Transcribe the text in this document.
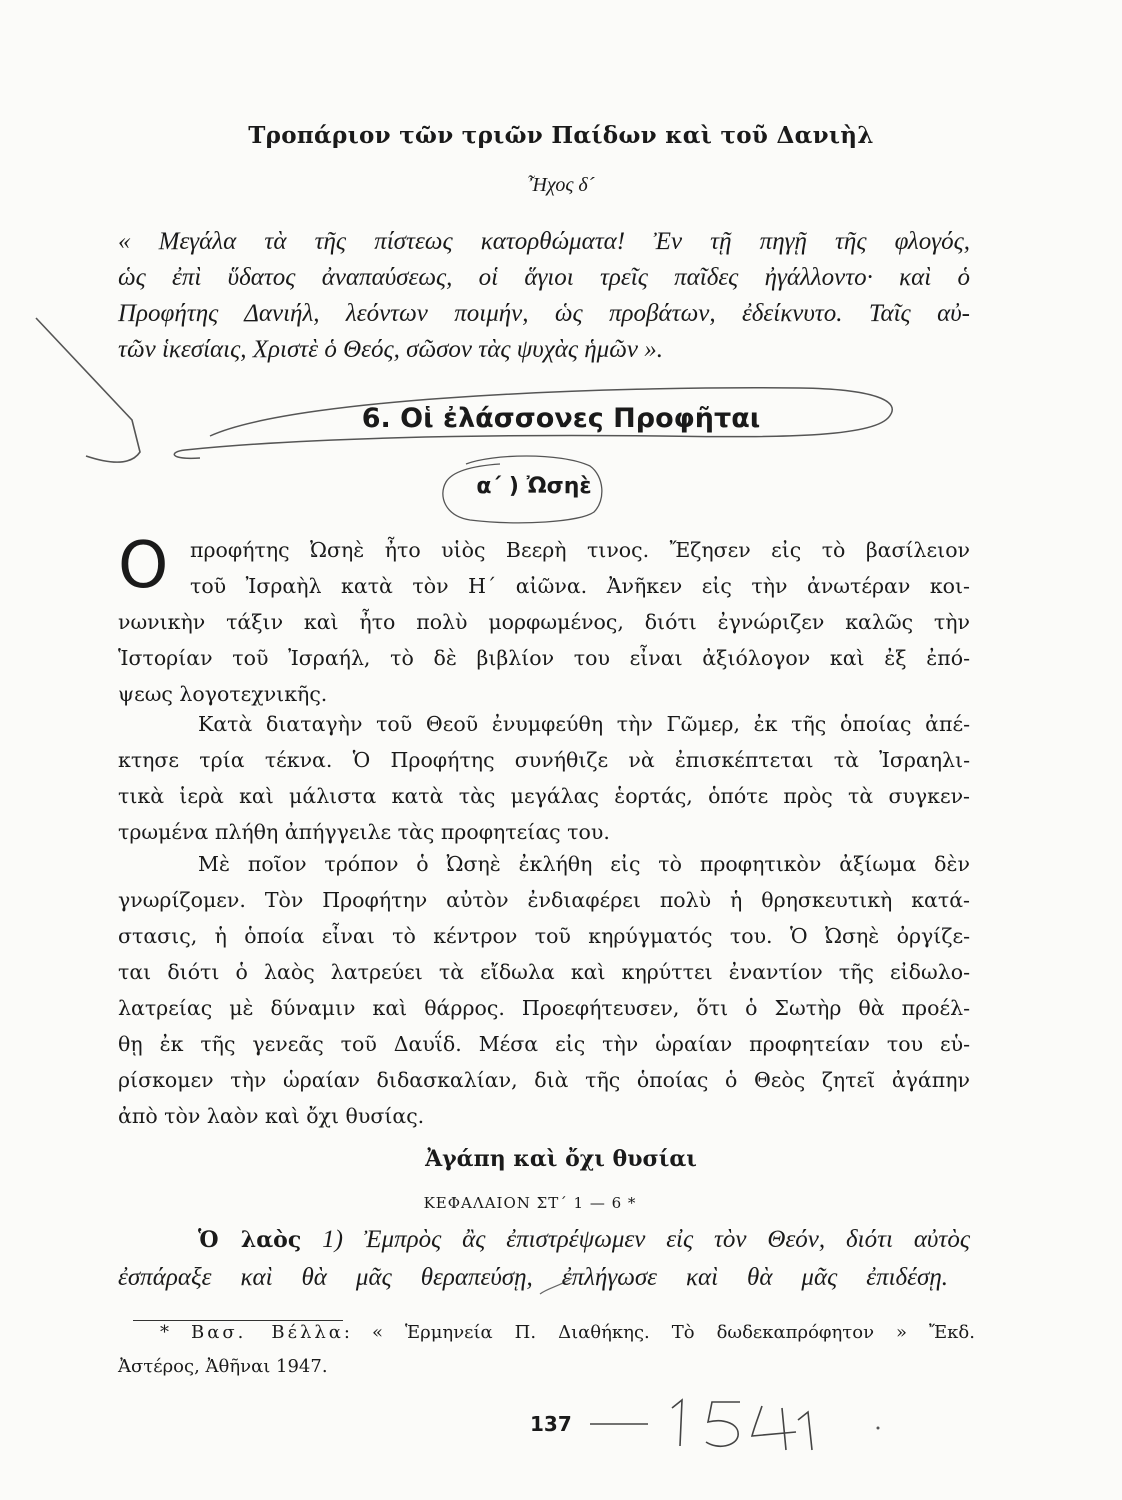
Τροπάριον τῶν τριῶν Παίδων καὶ τοῦ Δανιὴλ
Ἦχος δ´
« Μεγάλα τὰ τῆς πίστεως κατορθώματα! Ἐν τῇ πηγῇ τῆς φλογός,
ὡς ἐπὶ ὕδατος ἀναπαύσεως, οἱ ἅγιοι τρεῖς παῖδες ἠγάλλοντο· καὶ ὁ
Προφήτης Δανιήλ, λεόντων ποιμήν, ὡς προβάτων, ἐδείκνυτο. Ταῖς αὐ-
τῶν ἱκεσίαις, Χριστὲ ὁ Θεός, σῶσον τὰς ψυχὰς ἡμῶν ».
6. Οἱ ἐλάσσονες Προφῆται
α΄ ) Ὠσηὲ
Ο προφήτης Ὠσηὲ ἦτο υἱὸς Βεερὴ τινος. Ἔζησεν εἰς τὸ βασίλειον
τοῦ Ἰσραὴλ κατὰ τὸν Η΄ αἰῶνα. Ἀνῆκεν εἰς τὴν ἀνωτέραν κοι-
νωνικὴν τάξιν καὶ ἦτο πολὺ μορφωμένος, διότι ἐγνώριζεν καλῶς τὴν
Ἱστορίαν τοῦ Ἰσραήλ, τὸ δὲ βιβλίον του εἶναι ἀξιόλογον καὶ ἐξ ἐπό-
ψεως λογοτεχνικῆς.
Κατὰ διαταγὴν τοῦ Θεοῦ ἐνυμφεύθη τὴν Γῶμερ, ἐκ τῆς ὁποίας ἀπέ-
κτησε τρία τέκνα. Ὁ Προφήτης συνήθιζε νὰ ἐπισκέπτεται τὰ Ἰσραηλι-
τικὰ ἱερὰ καὶ μάλιστα κατὰ τὰς μεγάλας ἑορτάς, ὁπότε πρὸς τὰ συγκεν-
τρωμένα πλήθη ἀπήγγειλε τὰς προφητείας του.
Μὲ ποῖον τρόπον ὁ Ὠσηὲ ἐκλήθη εἰς τὸ προφητικὸν ἀξίωμα δὲν
γνωρίζομεν. Τὸν Προφήτην αὐτὸν ἐνδιαφέρει πολὺ ἡ θρησκευτικὴ κατά-
στασις, ἡ ὁποία εἶναι τὸ κέντρον τοῦ κηρύγματός του. Ὁ Ὠσηὲ ὀργίζε-
ται διότι ὁ λαὸς λατρεύει τὰ εἴδωλα καὶ κηρύττει ἐναντίον τῆς εἰδωλο-
λατρείας μὲ δύναμιν καὶ θάρρος. Προεφήτευσεν, ὅτι ὁ Σωτὴρ θὰ προέλ-
θῃ ἐκ τῆς γενεᾶς τοῦ Δαυΐδ. Μέσα εἰς τὴν ὡραίαν προφητείαν του εὑ-
ρίσκομεν τὴν ὡραίαν διδασκαλίαν, διὰ τῆς ὁποίας ὁ Θεὸς ζητεῖ ἀγάπην
ἀπὸ τὸν λαὸν καὶ ὄχι θυσίας.
Ἀγάπη καὶ ὄχι θυσίαι
ΚΕΦΑΛΑΙΟΝ ΣΤ΄ 1 — 6 *
Ὁ λαὸς 1) Ἐμπρὸς ἂς ἐπιστρέψωμεν εἰς τὸν Θεόν, διότι αὐτὸς
ἐσπάραξε καὶ θὰ μᾶς θεραπεύσῃ, ἐπλήγωσε καὶ θὰ μᾶς ἐπιδέσῃ.
* Βασ. Βέλλα: « Ἑρμηνεία Π. Διαθήκης. Τὸ δωδεκαπρόφητον » Ἔκδ.
Ἀστέρος, Ἀθῆναι 1947.
137
